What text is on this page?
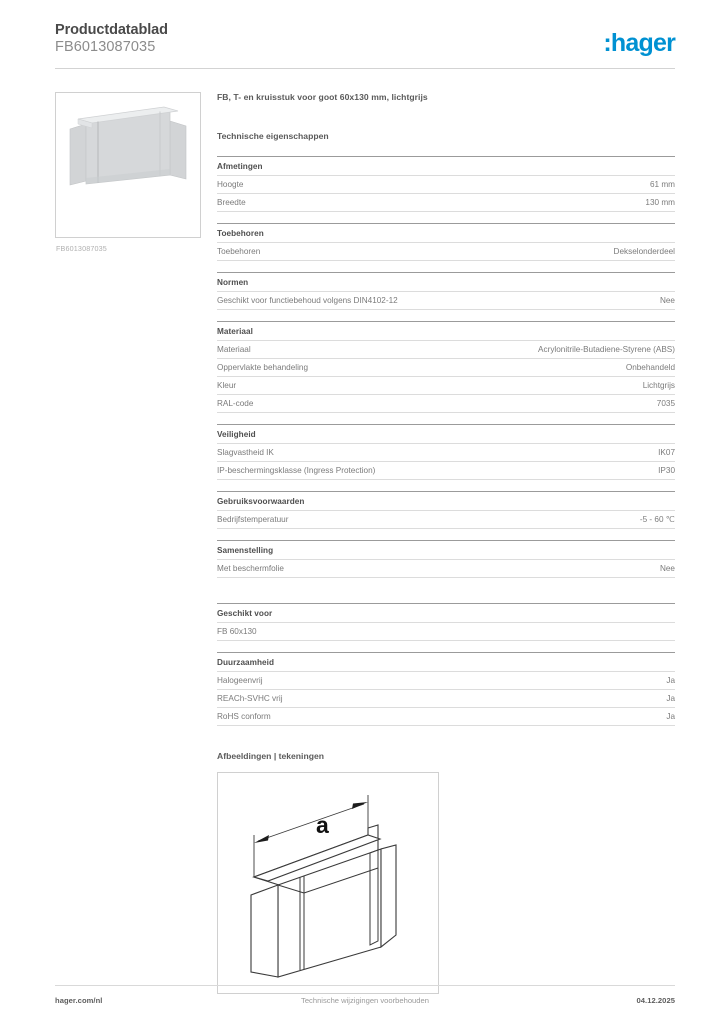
Productdatablad
FB6013087035	:hager
FB6013087035
FB, T- en kruisstuk voor goot 60x130 mm, lichtgrijs
Technische eigenschappen
Afmetingen
Hoogte	61 mm
Breedte	130 mm
Toebehoren
Toebehoren	Dekselonderdeel
Normen
Geschikt voor functiebehoud volgens DIN4102-12	Nee
Materiaal
Materiaal	Acrylonitrile-Butadiene-Styrene (ABS)
Oppervlakte behandeling	Onbehandeld
Kleur	Lichtgrijs
RAL-code	7035
Veiligheid
Slagvastheid IK	IK07
IP-beschermingsklasse (Ingress Protection)	IP30
Gebruiksvoorwaarden
Bedrijfstemperatuur	-5 - 60 ℃
Samenstelling
Met beschermfolie	Nee
Geschikt voor
FB 60x130
Duurzaamheid
Halogeenvrij	Ja
REACh-SVHC vrij	Ja
RoHS conform	Ja
Afbeeldingen | tekeningen
a
hager.com/nl	Technische wijzigingen voorbehouden	04.12.2025
